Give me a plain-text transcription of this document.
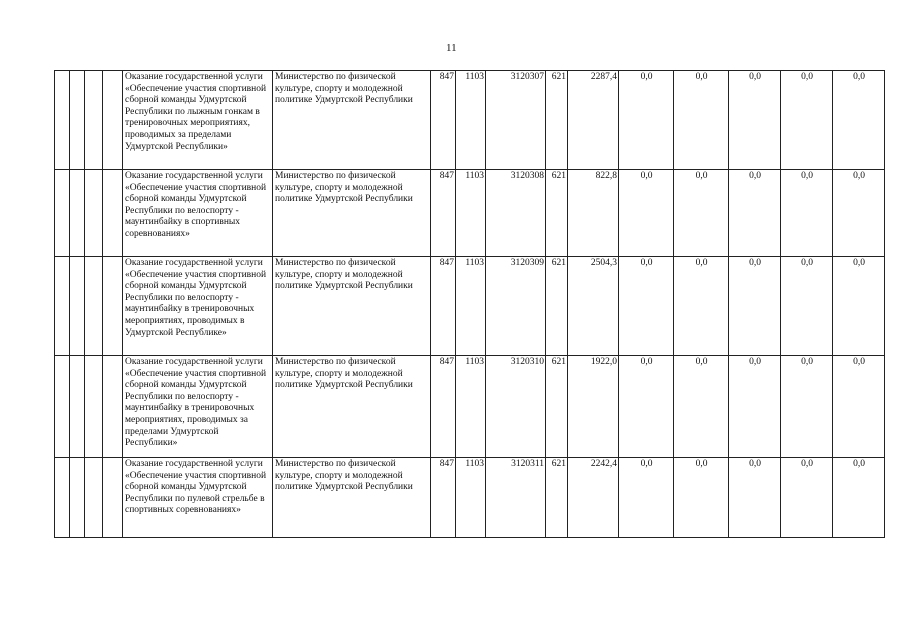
11
				Оказание государственной услуги «Обеспечение участия спортивной сборной команды Удмуртской Республики по лыжным гонкам в тренировочных мероприятиях, проводимых за пределами Удмуртской Республики»	Министерство по физической культуре, спорту и молодежной политике Удмуртской Республики	847	1103	3120307	621	2287,4	0,0	0,0	0,0	0,0	0,0
				Оказание государственной услуги «Обеспечение участия спортивной сборной команды Удмуртской Республики по велоспорту - маунтинбайку в спортивных соревнованиях»	Министерство по физической культуре, спорту и молодежной политике Удмуртской Республики	847	1103	3120308	621	822,8	0,0	0,0	0,0	0,0	0,0
				Оказание государственной услуги «Обеспечение участия спортивной сборной команды Удмуртской Республики по велоспорту - маунтинбайку в тренировочных мероприятиях, проводимых в Удмуртской Республике»	Министерство по физической культуре, спорту и молодежной политике Удмуртской Республики	847	1103	3120309	621	2504,3	0,0	0,0	0,0	0,0	0,0
				Оказание государственной услуги «Обеспечение участия спортивной сборной команды Удмуртской Республики по велоспорту - маунтинбайку в тренировочных мероприятиях, проводимых за пределами Удмуртской Республики»	Министерство по физической культуре, спорту и молодежной политике Удмуртской Республики	847	1103	3120310	621	1922,0	0,0	0,0	0,0	0,0	0,0
				Оказание государственной услуги «Обеспечение участия спортивной сборной команды Удмуртской Республики по пулевой стрельбе в спортивных соревнованиях»	Министерство по физической культуре, спорту и молодежной политике Удмуртской Республики	847	1103	3120311	621	2242,4	0,0	0,0	0,0	0,0	0,0
